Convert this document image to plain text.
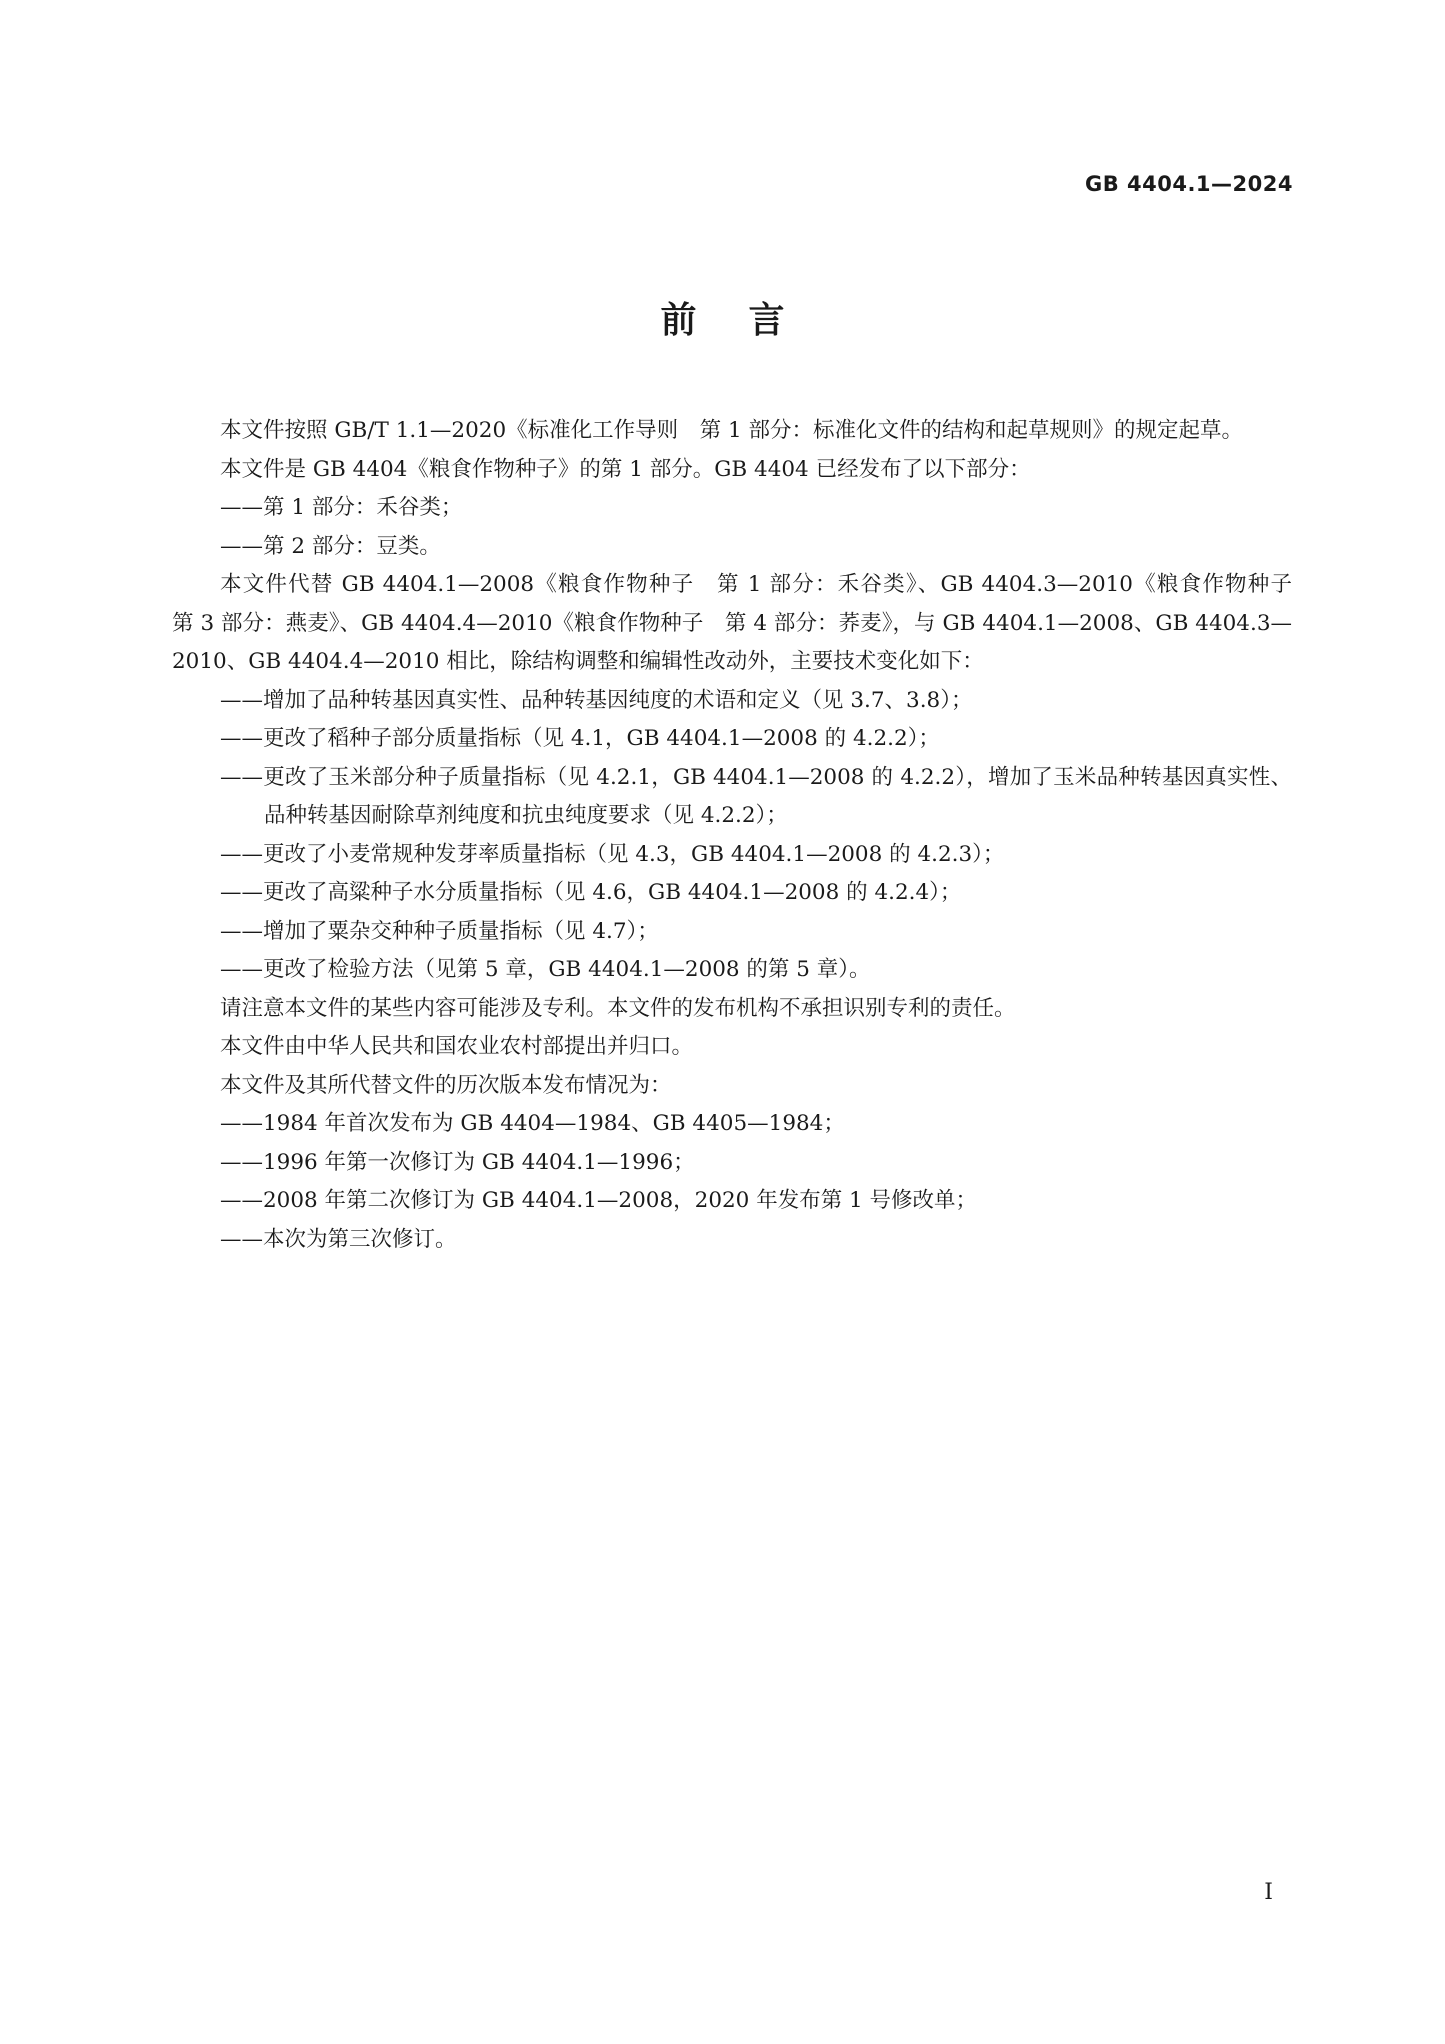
GB 4404.1—2024
前言

本文件按照 GB/T 1.1—2020《标准化工作导则　第 1 部分：标准化文件的结构和起草规则》的规定起草。

本文件是 GB 4404《粮食作物种子》的第 1 部分。GB 4404 已经发布了以下部分：

——第 1 部分：禾谷类；

——第 2 部分：豆类。

本文件代替 GB 4404.1—2008《粮食作物种子　第 1 部分：禾谷类》、GB 4404.3—2010《粮食作物种子　第 3 部分：燕麦》、GB 4404.4—2010《粮食作物种子　第 4 部分：荞麦》，与 GB 4404.1—2008、GB 4404.3—2010、GB 4404.4—2010 相比，除结构调整和编辑性改动外，主要技术变化如下：

——增加了品种转基因真实性、品种转基因纯度的术语和定义（见 3.7、3.8）；

——更改了稻种子部分质量指标（见 4.1，GB 4404.1—2008 的 4.2.2）；

——更改了玉米部分种子质量指标（见 4.2.1，GB 4404.1—2008 的 4.2.2），增加了玉米品种转基因真实性、品种转基因耐除草剂纯度和抗虫纯度要求（见 4.2.2）；

——更改了小麦常规种发芽率质量指标（见 4.3，GB 4404.1—2008 的 4.2.3）；

——更改了高粱种子水分质量指标（见 4.6，GB 4404.1—2008 的 4.2.4）；

——增加了粟杂交种种子质量指标（见 4.7）；

——更改了检验方法（见第 5 章，GB 4404.1—2008 的第 5 章）。

请注意本文件的某些内容可能涉及专利。本文件的发布机构不承担识别专利的责任。

本文件由中华人民共和国农业农村部提出并归口。

本文件及其所代替文件的历次版本发布情况为：

——1984 年首次发布为 GB 4404—1984、GB 4405—1984；

——1996 年第一次修订为 GB 4404.1—1996；

——2008 年第二次修订为 GB 4404.1—2008，2020 年发布第 1 号修改单；

——本次为第三次修订。

I
